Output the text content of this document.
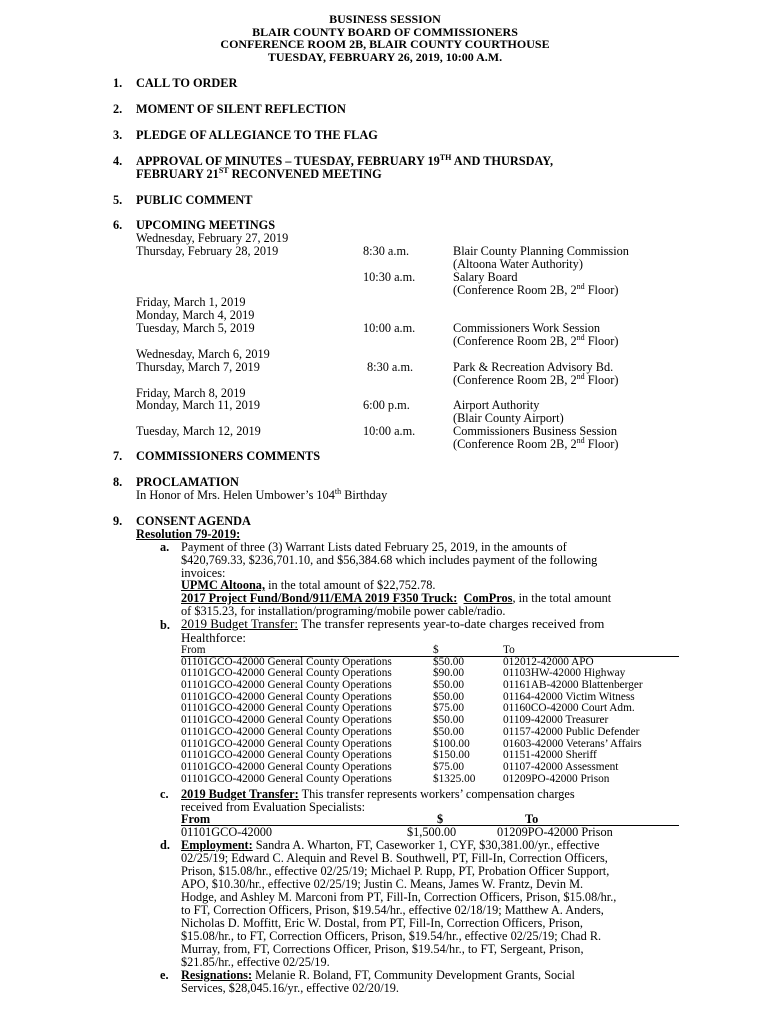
BUSINESS SESSION
BLAIR COUNTY BOARD OF COMMISSIONERS
CONFERENCE ROOM 2B, BLAIR COUNTY COURTHOUSE
TUESDAY, FEBRUARY 26, 2019, 10:00 A.M.
1. CALL TO ORDER
2. MOMENT OF SILENT REFLECTION
3. PLEDGE OF ALLEGIANCE TO THE FLAG
4. APPROVAL OF MINUTES – TUESDAY, FEBRUARY 19TH AND THURSDAY,
FEBRUARY 21ST RECONVENED MEETING
5. PUBLIC COMMENT
6. UPCOMING MEETINGS
Wednesday, February 27, 2019
Thursday, February 28, 2019	8:30 a.m.	Blair County Planning Commission
(Altoona Water Authority)
10:30 a.m.	Salary Board
(Conference Room 2B, 2nd Floor)
Friday, March 1, 2019
Monday, March 4, 2019
Tuesday, March 5, 2019	10:00 a.m.	Commissioners Work Session
(Conference Room 2B, 2nd Floor)
Wednesday, March 6, 2019
Thursday, March 7, 2019	8:30 a.m.	Park & Recreation Advisory Bd.
(Conference Room 2B, 2nd Floor)
Friday, March 8, 2019
Monday, March 11, 2019	6:00 p.m.	Airport Authority
(Blair County Airport)
Tuesday, March 12, 2019	10:00 a.m.	Commissioners Business Session
(Conference Room 2B, 2nd Floor)
7. COMMISSIONERS COMMENTS
8. PROCLAMATION
In Honor of Mrs. Helen Umbower’s 104th Birthday
9. CONSENT AGENDA
Resolution 79-2019:
a. Payment of three (3) Warrant Lists dated February 25, 2019, in the amounts of
$420,769.33, $236,701.10, and $56,384.68 which includes payment of the following
invoices:
UPMC Altoona, in the total amount of $22,752.78.
2017 Project Fund/Bond/911/EMA 2019 F350 Truck: ComPros, in the total amount
of $315.23, for installation/programing/mobile power cable/radio.
b. 2019 Budget Transfer: The transfer represents year-to-date charges received from
Healthforce:
From	$	To
01101GCO-42000 General County Operations	$50.00	012012-42000 APO
01101GCO-42000 General County Operations	$90.00	01103HW-42000 Highway
01101GCO-42000 General County Operations	$50.00	01161AB-42000 Blattenberger
01101GCO-42000 General County Operations	$50.00	01164-42000 Victim Witness
01101GCO-42000 General County Operations	$75.00	01160CO-42000 Court Adm.
01101GCO-42000 General County Operations	$50.00	01109-42000 Treasurer
01101GCO-42000 General County Operations	$50.00	01157-42000 Public Defender
01101GCO-42000 General County Operations	$100.00	01603-42000 Veterans’ Affairs
01101GCO-42000 General County Operations	$150.00	01151-42000 Sheriff
01101GCO-42000 General County Operations	$75.00	01107-42000 Assessment
01101GCO-42000 General County Operations	$1325.00 01209PO-42000 Prison
c. 2019 Budget Transfer: This transfer represents workers’ compensation charges
received from Evaluation Specialists:
From	$	To
01101GCO-42000	$1,500.00	01209PO-42000 Prison
d. Employment: Sandra A. Wharton, FT, Caseworker 1, CYF, $30,381.00/yr., effective
02/25/19; Edward C. Alequin and Revel B. Southwell, PT, Fill-In, Correction Officers,
Prison, $15.08/hr., effective 02/25/19; Michael P. Rupp, PT, Probation Officer Support,
APO, $10.30/hr., effective 02/25/19; Justin C. Means, James W. Frantz, Devin M.
Hodge, and Ashley M. Marconi from PT, Fill-In, Correction Officers, Prison, $15.08/hr.,
to FT, Correction Officers, Prison, $19.54/hr., effective 02/18/19; Matthew A. Anders,
Nicholas D. Moffitt, Eric W. Dostal, from PT, Fill-In, Correction Officers, Prison,
$15.08/hr., to FT, Correction Officers, Prison, $19.54/hr., effective 02/25/19; Chad R.
Murray, from, FT, Corrections Officer, Prison, $19.54/hr., to FT, Sergeant, Prison,
$21.85/hr., effective 02/25/19.
e. Resignations: Melanie R. Boland, FT, Community Development Grants, Social
Services, $28,045.16/yr., effective 02/20/19.
